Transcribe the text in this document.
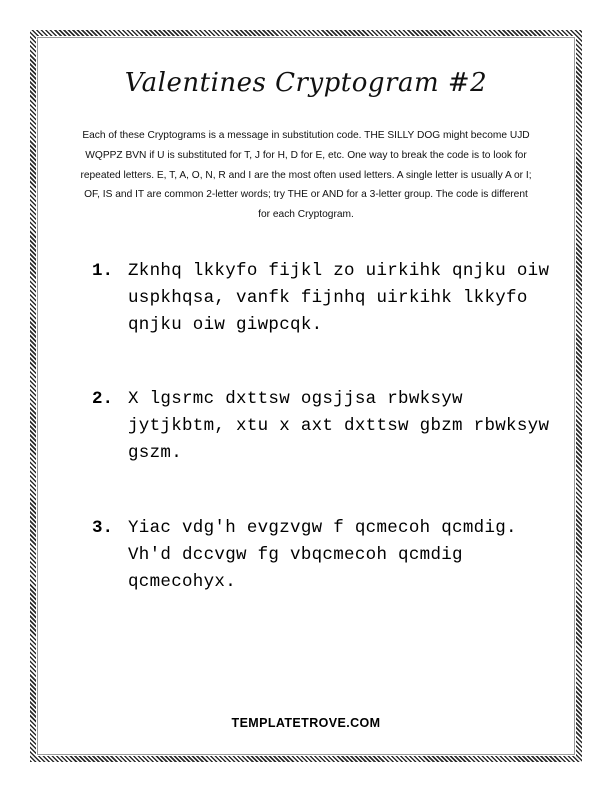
Valentines Cryptogram #2
Each of these Cryptograms is a message in substitution code. THE SILLY DOG might become UJD WQPPZ BVN if U is substituted for T, J for H, D for E, etc. One way to break the code is to look for repeated letters. E, T, A, O, N, R and I are the most often used letters. A single letter is usually A or I; OF, IS and IT are common 2-letter words; try THE or AND for a 3-letter group. The code is different for each Cryptogram.
1. Zknhq lkkyfo fijkl zo uirkihk qnjku oiw uspkhqsa, vanfk fijnhq uirkihk lkkyfo qnjku oiw giwpcqk.
2. X lgsrmc dxttsw ogsjjsa rbwksyw jytjkbtm, xtu x axt dxttsw gbzm rbwksyw gszm.
3. Yiac vdg'h evgzvgw f qcmecoh qcmdig. Vh'd dccvgw fg vbqcmecoh qcmdig qcmecohyx.
TEMPLATETROVE.COM
